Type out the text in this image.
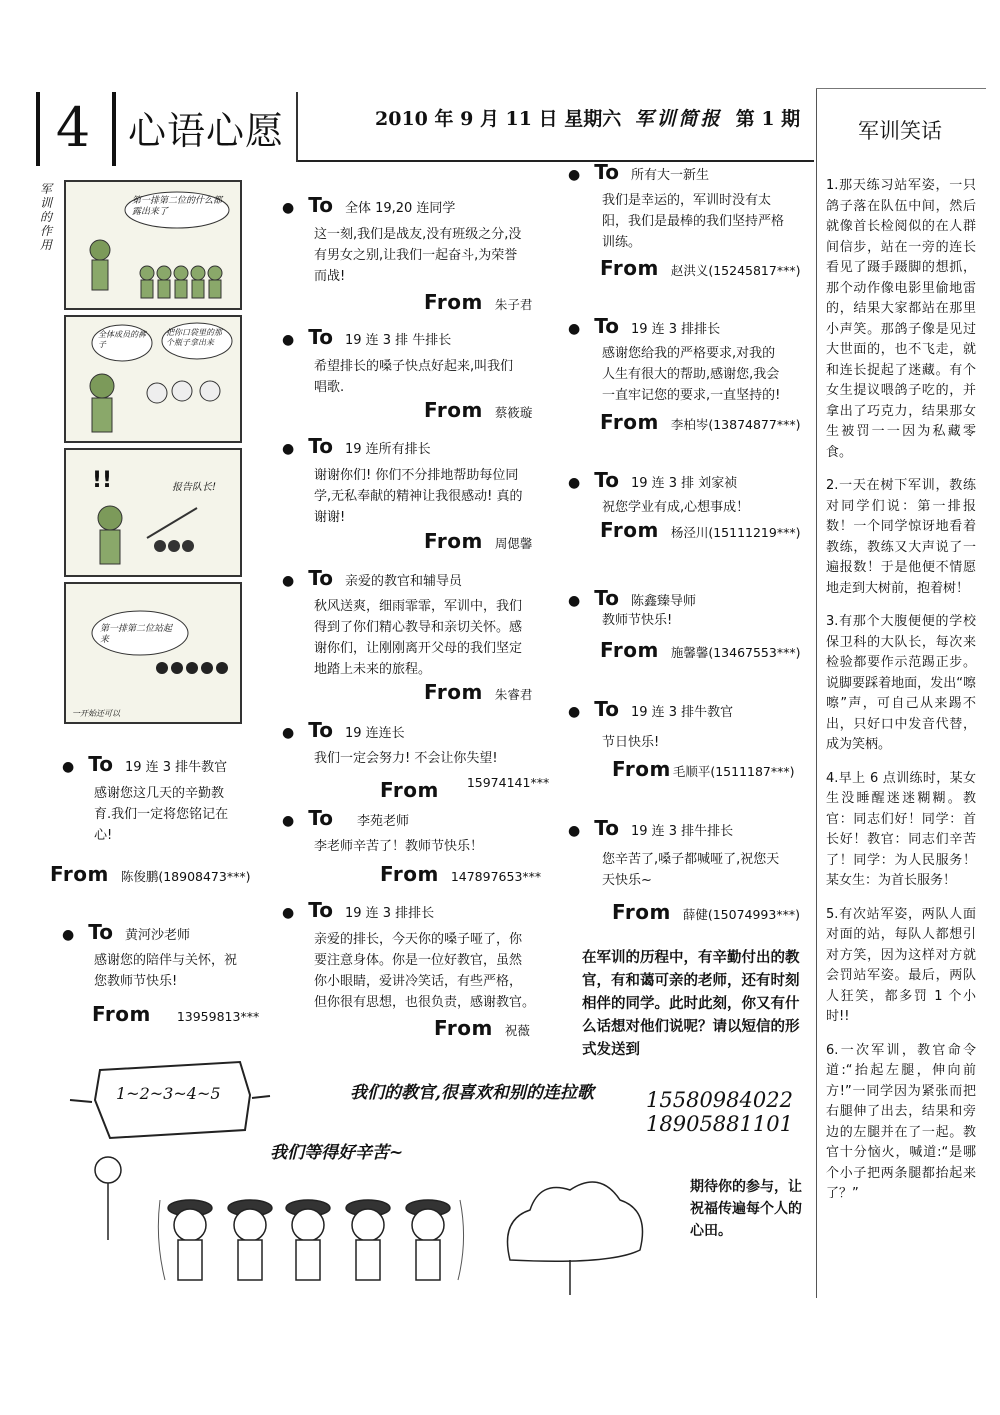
4 心语心愿	2010 年 9 月 11 日 星期六 军训简报 第 1 期	军训笑话
军 训 的 作 用
第一排第二位的什么都露出来了
全体成员的裤子
把你口袋里的那个瓶子拿出来
!!	报告队长!
第一排第二位站起来
一开始还可以
● To 19 连 3 排牛教官
感谢您这几天的辛勤教
育.我们一定将您铭记在
心!
From 陈俊鹏(18908473***)
● To 黄河沙老师
感谢您的陪伴与关怀，祝
您教师节快乐!
From 13959813***
● To 全体 19,20 连同学
这一刻,我们是战友,没有班级之分,没
有男女之别,让我们一起奋斗,为荣誉
而战!
From 朱子君
● To 19 连 3 排 牛排长
希望排长的嗓子快点好起来,叫我们
唱歌.
From 蔡筱璇
● To 19 连所有排长
谢谢你们! 你们不分排地帮助每位同
学,无私奉献的精神让我很感动! 真的
谢谢!
From 周偲馨
● To 亲爱的教官和辅导员
秋风送爽，细雨霏霏，军训中，我们
得到了你们精心教导和亲切关怀。感
谢你们，让刚刚离开父母的我们坚定
地踏上未来的旅程。
From 朱睿君
● To 19 连连长
我们一定会努力! 不会让你失望!
From 15974141***
● To 李苑老师
李老师辛苦了！教师节快乐！
From 147897653***
● To 19 连 3 排排长
亲爱的排长，今天你的嗓子哑了，你
要注意身体。你是一位好教官，虽然
你小眼睛，爱讲冷笑话，有些严格，
但你很有思想，也很负责，感谢教官。
From 祝薇
● To 所有大一新生
我们是幸运的，军训时没有太
阳，我们是最棒的我们坚持严格
训练。
From 赵洪义(15245817***)
● To 19 连 3 排排长
感谢您给我的严格要求,对我的
人生有很大的帮助,感谢您,我会
一直牢记您的要求,一直坚持的!
From 李柏岑(13874877***)
● To 19 连 3 排 刘家祯
祝您学业有成,心想事成！
From 杨泾川(15111219***)
● To 陈鑫臻导师
教师节快乐!
From 施馨馨(13467553***)
● To 19 连 3 排牛教官
节日快乐!
From 毛顺平(1511187***)
● To 19 连 3 排牛排长
您辛苦了,嗓子都喊哑了,祝您天
天快乐~
From 薛健(15074993***)
在军训的历程中，有辛勤付出的教官，有和蔼可亲的老师，还有时刻相伴的同学。此时此刻，你又有什么话想对他们说呢？请以短信的形式发送到
15580984022
18905881101
期待你的参与，让祝福传遍每个人的心田。
1~2~3~4~5	我们的教官,很喜欢和别的连拉歌
我们等得好辛苦~

1.那天练习站军姿，一只鸽子落在队伍中间，然后就像首长检阅似的在人群间信步，站在一旁的连长看见了蹑手蹑脚的想抓，那个动作像电影里偷地雷的，结果大家都站在那里小声笑。那鸽子像是见过大世面的，也不飞走，就和连长捉起了迷藏。有个女生提议喂鸽子吃的，并拿出了巧克力，结果那女生被罚一一因为私藏零食。

2.一天在树下军训，教练对同学们说：第一排报数！一个同学惊讶地看着教练，教练又大声说了一遍报数！于是他便不情愿地走到大树前，抱着树！

3.有那个大腹便便的学校保卫科的大队长，每次来检验都要作示范踢正步。说脚要踩着地面，发出“嚓嚓”声，可自己从来踢不出，只好口中发音代替，成为笑柄。

4.早上 6 点训练时，某女生没睡醒迷迷糊糊。教官：同志们好！同学：首长好！教官：同志们辛苦了！同学：为人民服务！某女生：为首长服务！

5.有次站军姿，两队人面对面的站，每队人都想引对方笑，因为这样对方就会罚站军姿。最后，两队人狂笑，都多罚 1 个小时!!

6.一次军训，教官命令道:“抬起左腿，伸向前方!”一同学因为紧张而把右腿伸了出去，结果和旁边的左腿并在了一起。教官十分恼火，喊道:“是哪个小子把两条腿都抬起来了？”
